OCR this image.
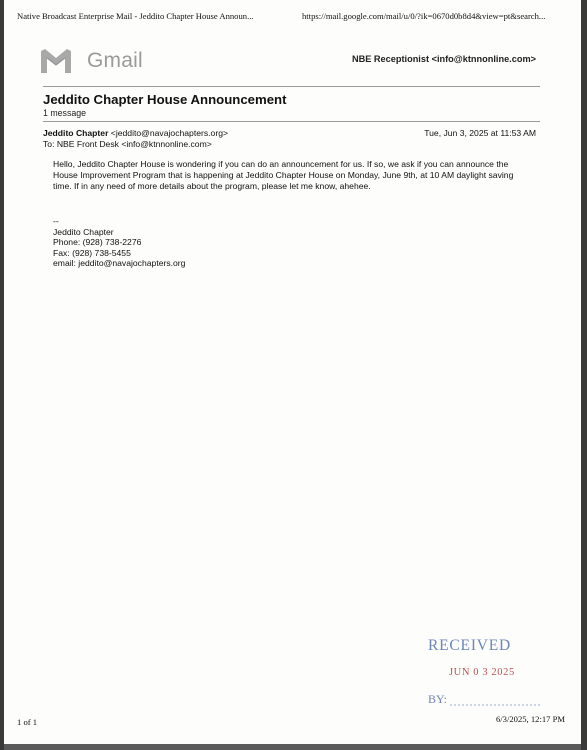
Native Broadcast Enterprise Mail - Jeddito Chapter House Announ...	https://mail.google.com/mail/u/0/?ik=0670d0b8d4&view=pt&search...
Gmail	NBE Receptionist <info@ktnnonline.com>
Jeddito Chapter House Announcement
1 message
Jeddito Chapter <jeddito@navajochapters.org>
To: NBE Front Desk <info@ktnnonline.com>
Tue, Jun 3, 2025 at 11:53 AM
Hello, Jeddito Chapter House is wondering if you can do an announcement for us. If so, we ask if you can announce the House Improvement Program that is happening at Jeddito Chapter House on Monday, June 9th, at 10 AM daylight saving time. If in any need of more details about the program, please let me know, ahehee.
--
Jeddito Chapter
Phone: (928) 738-2276
Fax: (928) 738-5455
email: jeddito@navajochapters.org
RECEIVED
JUN 0 3 2025
BY:
1 of 1	6/3/2025, 12:17 PM
